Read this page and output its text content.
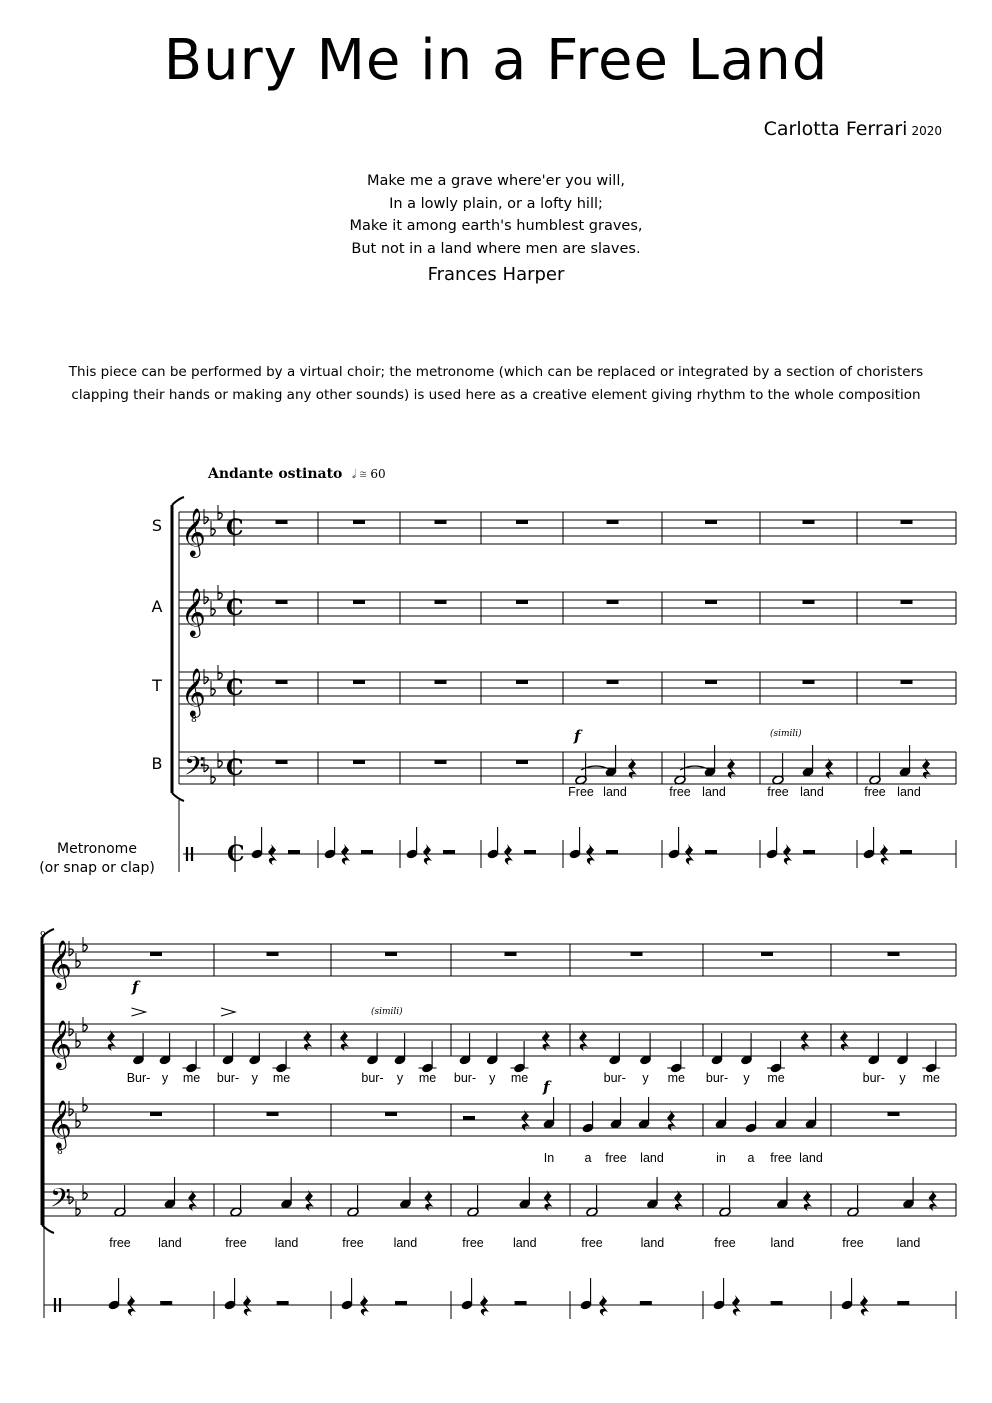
Bury Me in a Free Land
Carlotta Ferrari 2020
Make me a grave where'er you will,
In a lowly plain, or a lofty hill;
Make it among earth's humblest graves,
But not in a land where men are slaves.
Frances Harper
This piece can be performed by a virtual choir; the metronome (which can be replaced or integrated by a section of choristers
clapping their hands or making any other sounds) is used here as a creative element giving rhythm to the whole composition
Andante ostinato 𝅗𝅥 ≅ 60
S
A
T
B
Metronome
(or snap or clap)
𝄞 C
𝄞 C
𝄞
8
C
𝄢 C
Free land	free land	free land	free land
f	(simili)
C
9
𝄞
𝄞
𝄞
8
𝄢
Bur- y me
f
bur- y me	bur- y me
(simili)
bur- y me	bur- y me bur- y me	bur- y me
f
In a free land	in a free land
free land	free land	free land	free land	free	land	free	land	free	land
